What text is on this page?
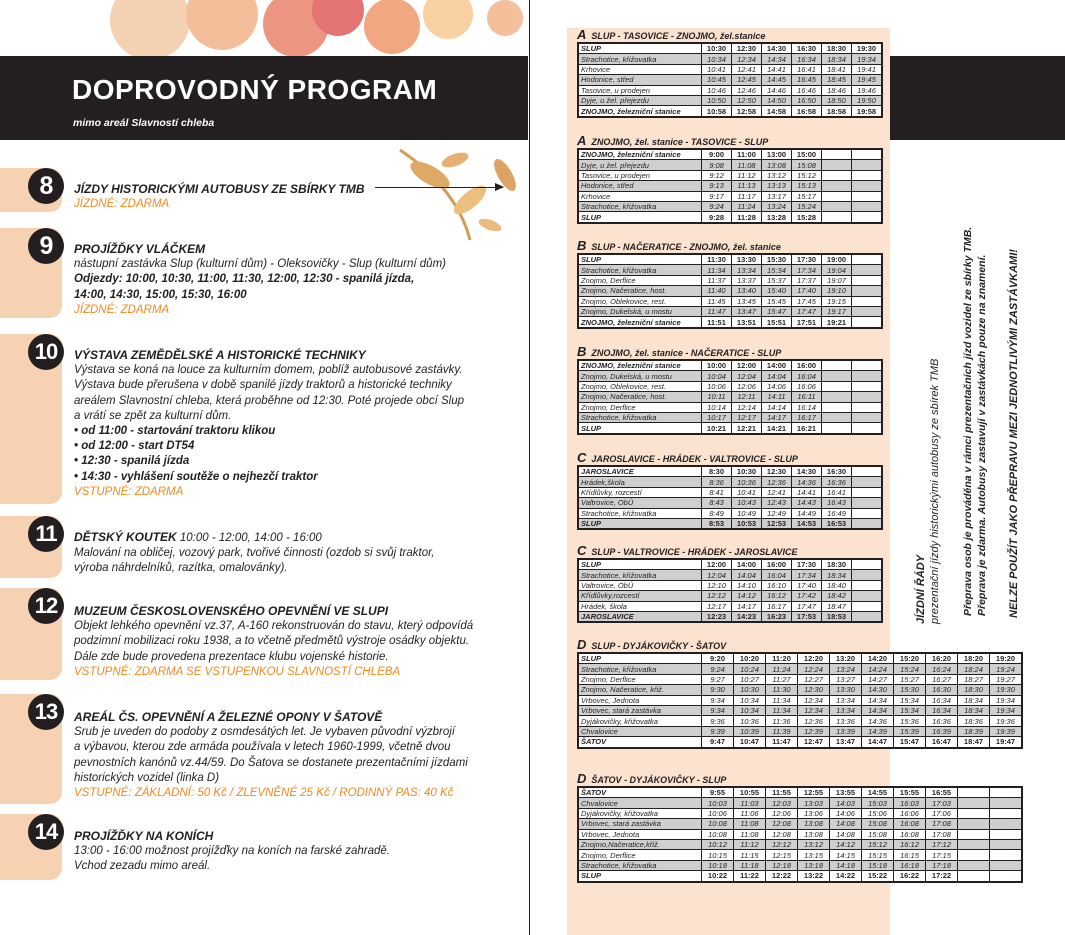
DOPROVODNÝ PROGRAM
mimo areál Slavností chleba
8	JÍZDY HISTORICKÝMI AUTOBUSY ZE SBÍRKY TMB
JÍZDNÉ: ZDARMA
9	PROJÍŽĎKY VLÁČKEM
nástupní zastávka Slup (kulturní dům) - Oleksovičky - Slup (kulturní dům)
Odjezdy: 10:00, 10:30, 11:00, 11:30, 12:00, 12:30 - spanilá jízda,
14:00, 14:30, 15:00, 15:30, 16:00
JÍZDNÉ: ZDARMA
10	VÝSTAVA ZEMĚDĚLSKÉ A HISTORICKÉ TECHNIKY
Výstava se koná na louce za kulturním domem, poblíž autobusové zastávky.
Výstava bude přerušena v době spanilé jízdy traktorů a historické techniky
areálem Slavnostní chleba, která proběhne od 12:30. Poté projede obcí Slup
a vrátí se zpět za kulturní dům.
• od 11:00 - startování traktoru klikou
• od 12:00 - start DT54
• 12:30 - spanilá jízda
• 14:30 - vyhlášení soutěže o nejhezčí traktor
VSTUPNÉ: ZDARMA
11	DĚTSKÝ KOUTEK 10:00 - 12:00, 14:00 - 16:00
Malování na obličej, vozový park, tvořivé činnosti (ozdob si svůj traktor,
výroba náhrdelníků, razítka, omalovánky).
12	MUZEUM ČESKOSLOVENSKÉHO OPEVNĚNÍ VE SLUPI
Objekt lehkého opevnění vz.37, A-160 rekonstruován do stavu, který odpovídá
podzimní mobilizaci roku 1938, a to včetně předmětů výstroje osádky objektu.
Dále zde bude provedena prezentace klubu vojenské historie.
VSTUPNÉ: ZDARMA SE VSTUPENKOU SLAVNOSTÍ CHLEBA
13	AREÁL ČS. OPEVNĚNÍ A ŽELEZNÉ OPONY V ŠATOVĚ
Srub je uveden do podoby z osmdesátých let. Je vybaven původní výzbrojí
a výbavou, kterou zde armáda používala v letech 1960-1999, včetně dvou
pevnostních kanónů vz.44/59. Do Šatova se dostanete prezentačními jízdami
historických vozidel (linka D)
VSTUPNÉ: ZÁKLADNÍ: 50 Kč / ZLEVNĚNÉ 25 Kč / RODINNÝ PAS: 40 Kč
14	PROJÍŽĎKY NA KONÍCH
13:00 - 16:00 možnost projížďky na koních na farské zahradě.
Vchod zezadu mimo areál.
A SLUP - TASOVICE - ZNOJMO, žel.stanice
SLUP	10:30	12:30	14:30	16:30	18:30	19:30
Strachotice, křižovatka	10:34	12:34	14:34	16:34	18:34	19:34
Krhovice	10:41	12:41	14:41	16:41	18:41	19:41
Hodonice, střed	10:45	12:45	14:45	16:45	18:45	19:45
Tasovice, u prodejen	10:46	12:46	14:46	16:46	18:46	19:46
Dyje, u žel. přejezdu	10:50	12:50	14:50	16:50	18:50	19:50
ZNOJMO, železniční stanice	10:58	12:58	14:58	16:58	18:58	19:58
A ZNOJMO, žel. stanice - TASOVICE - SLUP
ZNOJMO, železniční stanice	9:00	11:00	13:00	15:00		
Dyje, u žel. přejezdu	9:08	11:08	13:08	15:08		
Tasovice, u prodejen	9:12	11:12	13:12	15:12		
Hodonice, střed	9:13	11:13	13:13	15:13		
Krhovice	9:17	11:17	13:17	15:17		
Strachotice, křižovatka	9:24	11:24	13:24	15:24		
SLUP	9:28	11:28	13:28	15:28		
B SLUP - NAČERATICE - ZNOJMO, žel. stanice
SLUP	11:30	13:30	15:30	17:30	19:00	
Strachotice, křižovatka	11:34	13:34	15:34	17:34	19:04	
Znojmo, Derflice	11:37	13:37	15:37	17:37	19:07	
Znojmo, Načeratice, host.	11:40	13:40	15:40	17:40	19:10	
Znojmo, Oblekovice, rest.	11:45	13:45	15:45	17:45	19:15	
Znojmo, Dukelská, u mostu	11:47	13:47	15:47	17:47	19:17	
ZNOJMO, železniční stanice	11:51	13:51	15:51	17:51	19:21	
B ZNOJMO, žel. stanice - NAČERATICE - SLUP
ZNOJMO, železniční stanice	10:00	12:00	14:00	16:00		
Znojmo, Dukelská, u mostu	10:04	12:04	14:04	16:04		
Znojmo, Oblekovice, rest.	10:06	12:06	14:06	16:06		
Znojmo, Načeratice, host.	10:11	12:11	14:11	16:11		
Znojmo, Derflice	10:14	12:14	14:14	16:14		
Strachotice, křižovatka	10:17	12:17	14:17	16:17		
SLUP	10:21	12:21	14:21	16:21		
C JAROSLAVICE - HRÁDEK - VALTROVICE - SLUP
JAROSLAVICE	8:30	10:30	12:30	14:30	16:30	
Hrádek,škola	8:36	10:36	12:36	14:36	16:36	
Křídlůvky, rozcestí	8:41	10:41	12:41	14:41	16:41	
Valtrovice, ObÚ	8:43	10:43	12:43	14:43	16:43	
Strachotice, křižovatka	8:49	10:49	12:49	14:49	16:49	
SLUP	8:53	10:53	12:53	14:53	16:53	
C SLUP - VALTROVICE - HRÁDEK - JAROSLAVICE
SLUP	12:00	14:00	16:00	17:30	18:30	
Strachotice, křižovatka	12:04	14:04	16:04	17:34	18:34	
Valtrovice, ObÚ	12:10	14:10	16:10	17:40	18:40	
Křídlůvky,rozcestí	12:12	14:12	16:12	17:42	18:42	
Hrádek, škola	12:17	14:17	16:17	17:47	18:47	
JAROSLAVICE	12:23	14:23	16:23	17:53	18:53	
D SLUP - DYJÁKOVIČKY - ŠATOV
SLUP	9:20	10:20	11:20	12:20	13:20	14:20	15:20	16:20	18:20	19:20
Strachotice, křižovatka	9:24	10:24	11:24	12:24	13:24	14:24	15:24	16:24	18:24	19:24
Znojmo, Derflice	9:27	10:27	11:27	12:27	13:27	14:27	15:27	16:27	18:27	19:27
Znojmo, Načeratice, křiž.	9:30	10:30	11:30	12:30	13:30	14:30	15:30	16:30	18:30	19:30
Vrbovec, Jednota	9:34	10:34	11:34	12:34	13:34	14:34	15:34	16:34	18:34	19:34
Vrbovec, stará zastávka	9:34	10:34	11:34	12:34	13:34	14:34	15:34	16:34	18:34	19:34
Dyjákovičky, křižovatka	9:36	10:36	11:36	12:36	13:36	14:36	15:36	16:36	18:36	19:36
Chvalovice	9:39	10:39	11:39	12:39	13:39	14:39	15:39	16:39	18:39	19:39
ŠATOV	9:47	10:47	11:47	12:47	13:47	14:47	15:47	16:47	18:47	19:47
D ŠATOV - DYJÁKOVIČKY - SLUP
ŠATOV	9:55	10:55	11:55	12:55	13:55	14:55	15:55	16:55		
Chvalovice	10:03	11:03	12:03	13:03	14:03	15:03	16:03	17:03		
Dyjákovičky, křižovatka	10:06	11:06	12:06	13:06	14:06	15:06	16:06	17:06		
Vrbovec, stará zastávka	10:08	11:08	12:08	13:08	14:08	15:08	16:08	17:08		
Vrbovec, Jednota	10:08	11:08	12:08	13:08	14:08	15:08	16:08	17:08		
Znojmo,Načeratice,křiž.	10:12	11:12	12:12	13:12	14:12	15:12	16:12	17:12		
Znojmo, Derflice	10:15	11:15	12:15	13:15	14:15	15:15	16:15	17:15		
Strachotice, křižovatka	10:18	11:18	12:18	13:18	14:18	15:18	16:18	17:18		
SLUP	10:22	11:22	12:22	13:22	14:22	15:22	16:22	17:22		
JÍZDNÍ ŘÁDY prezentační jízdy historickými autobusy ze sbírek TMB Přeprava osob je prováděna v rámci prezentačních jízd vozidel ze sbírky TMB. Přeprava je zdarma. Autobusy zastavují v zastávkách pouze na znamení. NELZE POUŽÍT JAKO PŘEPRAVU MEZI JEDNOTLIVÝMI ZASTÁVKAMI!
